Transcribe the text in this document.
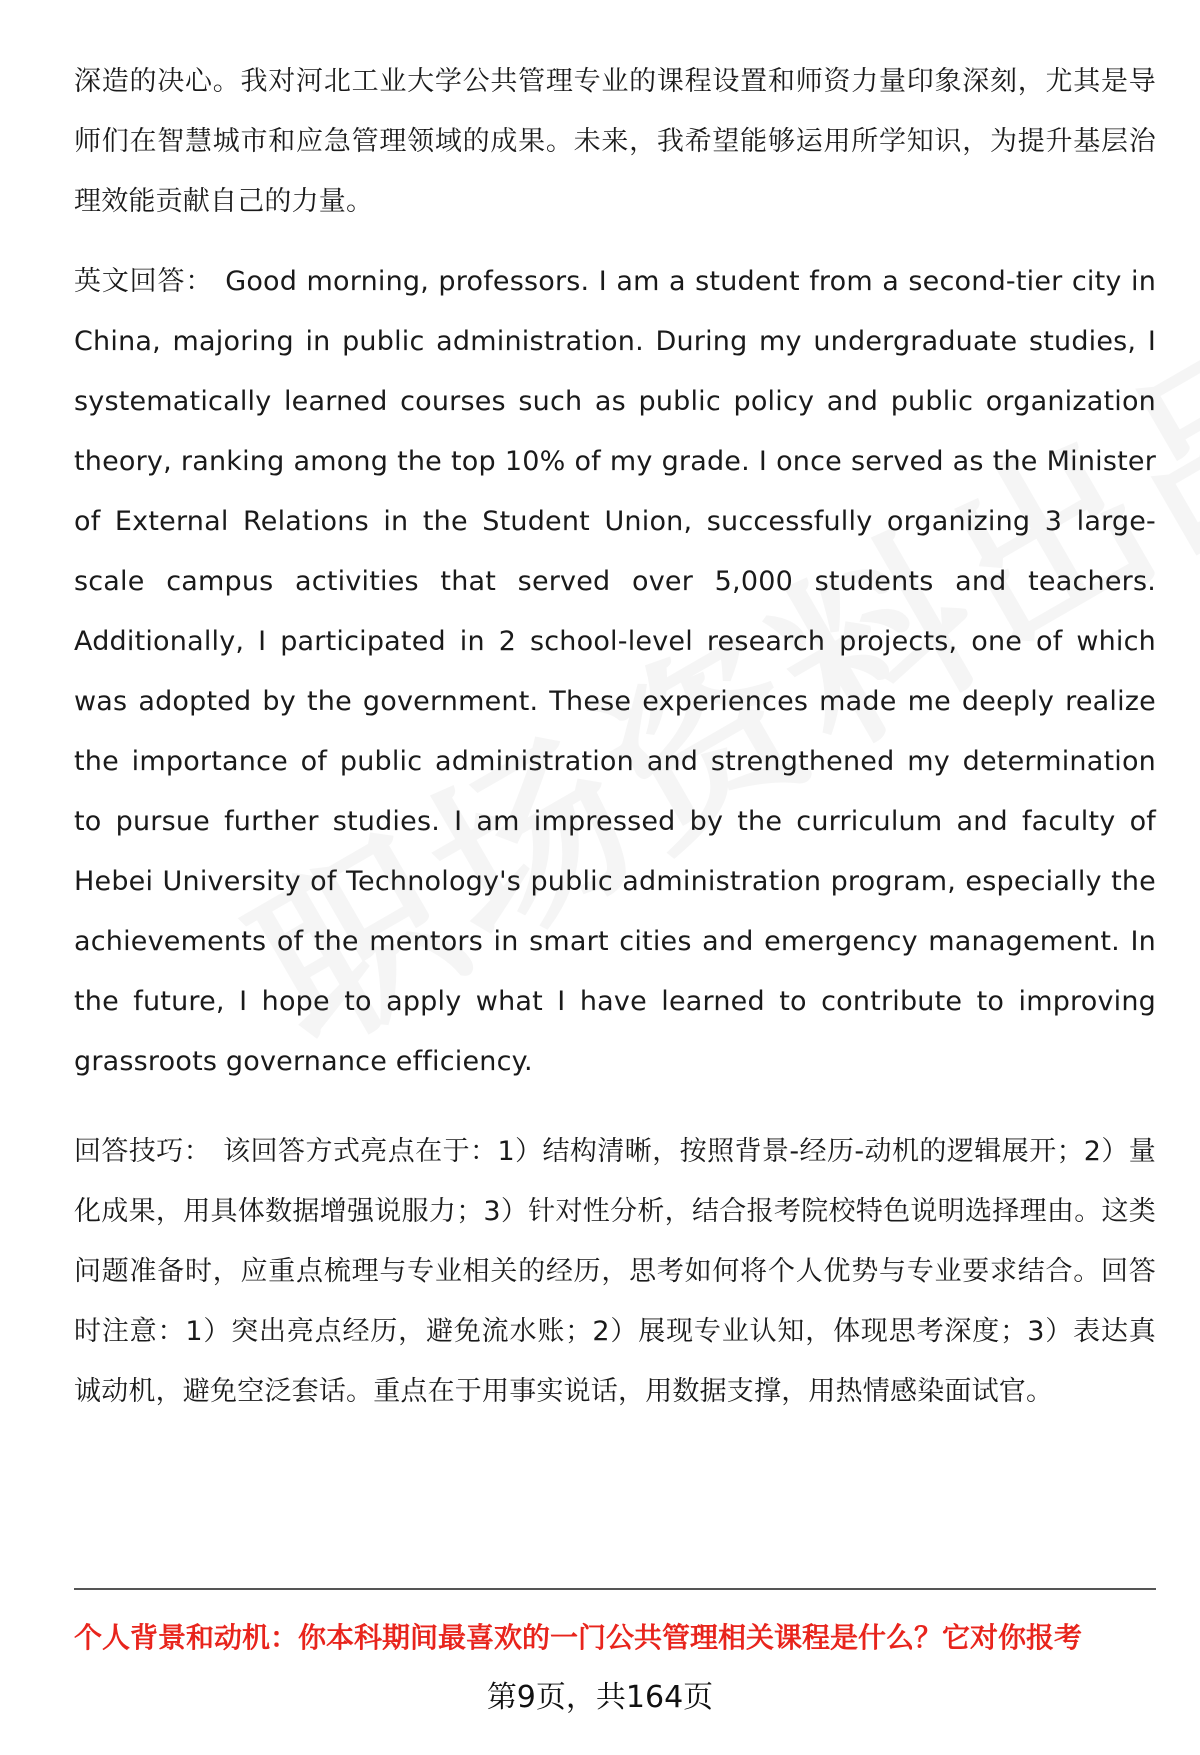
深造的决心。我对河北工业大学公共管理专业的课程设置和师资力量印象深刻，尤其是导师们在智慧城市和应急管理领域的成果。未来，我希望能够运用所学知识，为提升基层治理效能贡献自己的力量。

英文回答： Good morning, professors. I am a student from a second-tier city in China, majoring in public administration. During my undergraduate studies, I systematically learned courses such as public policy and public organization theory, ranking among the top 10% of my grade. I once served as the Minister of External Relations in the Student Union, successfully organizing 3 large-scale campus activities that served over 5,000 students and teachers. Additionally, I participated in 2 school-level research projects, one of which was adopted by the government. These experiences made me deeply realize the importance of public administration and strengthened my determination to pursue further studies. I am impressed by the curriculum and faculty of Hebei University of Technology's public administration program, especially the achievements of the mentors in smart cities and emergency management. In the future, I hope to apply what I have learned to contribute to improving grassroots governance efficiency.

回答技巧： 该回答方式亮点在于：1）结构清晰，按照背景-经历-动机的逻辑展开；2）量化成果，用具体数据增强说服力；3）针对性分析，结合报考院校特色说明选择理由。这类问题准备时，应重点梳理与专业相关的经历，思考如何将个人优势与专业要求结合。回答时注意：1）突出亮点经历，避免流水账；2）展现专业认知，体现思考深度；3）表达真诚动机，避免空泛套话。重点在于用事实说话，用数据支撑，用热情感染面试官。

个人背景和动机：你本科期间最喜欢的一门公共管理相关课程是什么？它对你报考

第9页，共164页
